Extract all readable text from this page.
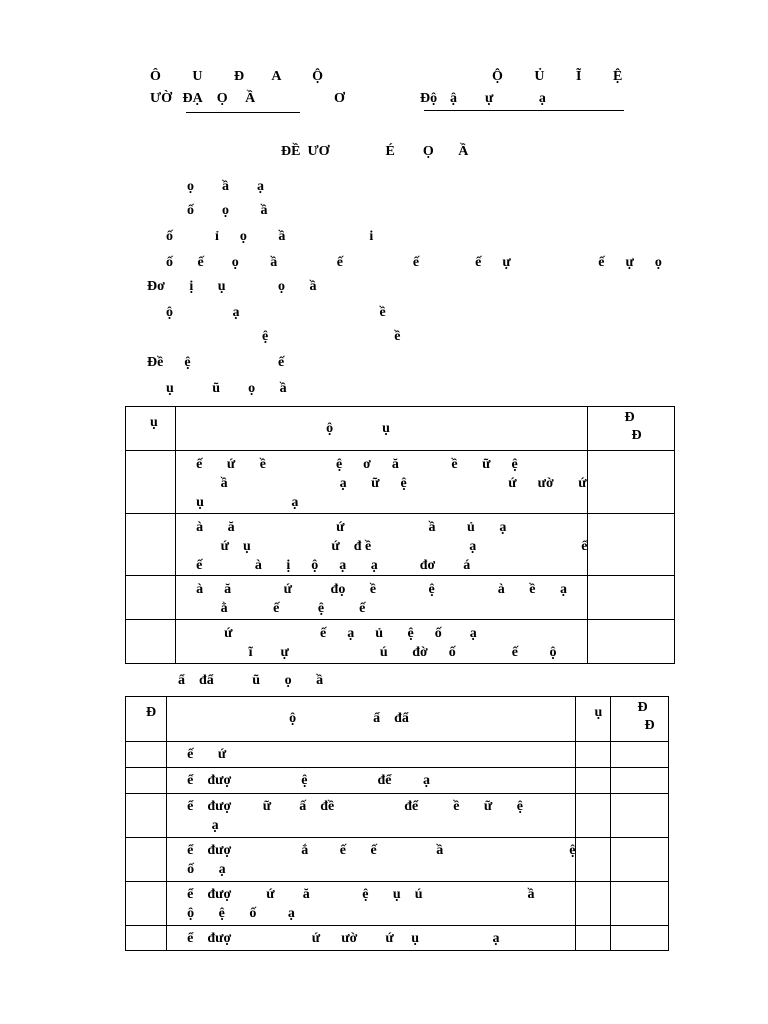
Ô         U         Đ        A         Ộ
ƯỜ   ĐẠ    Ọ     Ầ	Ơ
Ộ         Ủ         Ĩ         Ệ
Độ ậ        ự             ạ
ĐỀ  ƯƠ                É        Ọ       Ầ
ọ        ầ        ạ
ố        ọ         ầ
ố            ỉ      ọ         ầ                        i
ố       ế        ọ         ầ                 ế                    ế                ế      ự                         ế      ự      ọ
Đơ       ị       ụ               ọ       ầ
ộ                 ạ                                        ề
ệ                                    ề
Đề      ệ                         ế
ụ           ũ        ọ       ầ
ụ	ộ              ụ	Đ
Đ

	ế       ứ       ề                    ệ      ơ      ă               ề       ữ      ệ
ầ                                ạ       ữ      ệ                             ứ      ườ       ứ
ụ                         ạ	

	à       ă                             ứ                        ầ         ủ       ạ
ứ    ụ                       ứ    đ ề                            ạ                              ế
ế               à       ị      ộ      ạ       ạ            đơ        á	

	à      ă               ứ           đọ       ề               ệ                  à       ề       ạ
ằ             ế           ệ          ế	

	ứ                         ế      ạ      ủ       ệ      ố        ạ
ĩ        ự                          ú       đờ      ố                ế         ộ	

ẩ    đẩ           ũ       ọ       ầ
Đ	ộ                      ẩ    đẩ	ụ	Đ
Đ

	ế       ứ		

	ể    đượ                    ệ                    để         ạ		

	ể    đượ         ữ        ấ    đề                    để          ề       ữ       ệ
ạ		

	ể    đượ                    ắ         ế       ế                 ầ                                    ệ
ố       ạ		

	ể    đượ          ứ        ă               ệ       ụ    ú                              ầ
ộ       ệ       ố         ạ		

	ể    đượ                       ứ      ườ        ứ     ụ                     ạ		
